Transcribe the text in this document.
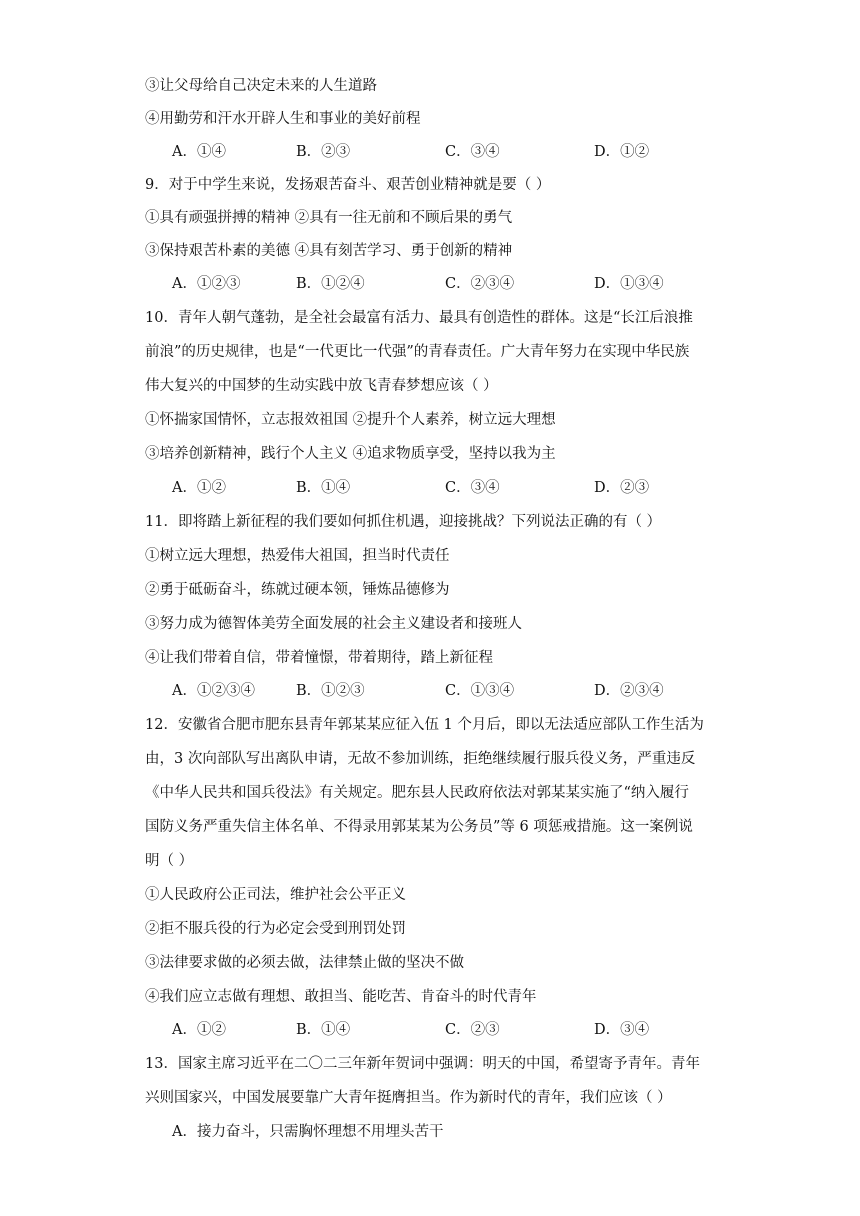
③让父母给自己决定未来的人生道路
④用勤劳和汗水开辟人生和事业的美好前程
A．①④	B．②③	C．③④	D．①②
9．对于中学生来说，发扬艰苦奋斗、艰苦创业精神就是要（ ）
①具有顽强拼搏的精神 ②具有一往无前和不顾后果的勇气
③保持艰苦朴素的美德 ④具有刻苦学习、勇于创新的精神
A．①②③	B．①②④	C．②③④	D．①③④
10．青年人朝气蓬勃，是全社会最富有活力、最具有创造性的群体。这是“长江后浪推
前浪”的历史规律，也是“一代更比一代强”的青春责任。广大青年努力在实现中华民族
伟大复兴的中国梦的生动实践中放飞青春梦想应该（ ）
①怀揣家国情怀，立志报效祖国 ②提升个人素养，树立远大理想
③培养创新精神，践行个人主义 ④追求物质享受，坚持以我为主
A．①②	B．①④	C．③④	D．②③
11．即将踏上新征程的我们要如何抓住机遇，迎接挑战？下列说法正确的有（ ）
①树立远大理想，热爱伟大祖国，担当时代责任
②勇于砥砺奋斗，练就过硬本领，锤炼品德修为
③努力成为德智体美劳全面发展的社会主义建设者和接班人
④让我们带着自信，带着憧憬，带着期待，踏上新征程
A．①②③④	B．①②③	C．①③④	D．②③④
12．安徽省合肥市肥东县青年郭某某应征入伍 1 个月后，即以无法适应部队工作生活为
由，3 次向部队写出离队申请，无故不参加训练，拒绝继续履行服兵役义务，严重违反
《中华人民共和国兵役法》有关规定。肥东县人民政府依法对郭某某实施了“纳入履行
国防义务严重失信主体名单、不得录用郭某某为公务员”等 6 项惩戒措施。这一案例说
明（ ）
①人民政府公正司法，维护社会公平正义
②拒不服兵役的行为必定会受到刑罚处罚
③法律要求做的必须去做，法律禁止做的坚决不做
④我们应立志做有理想、敢担当、能吃苦、肯奋斗的时代青年
A．①②	B．①④	C．②③	D．③④
13．国家主席习近平在二〇二三年新年贺词中强调：明天的中国，希望寄予青年。青年
兴则国家兴，中国发展要靠广大青年挺膺担当。作为新时代的青年，我们应该（ ）
A．接力奋斗，只需胸怀理想不用埋头苦干
